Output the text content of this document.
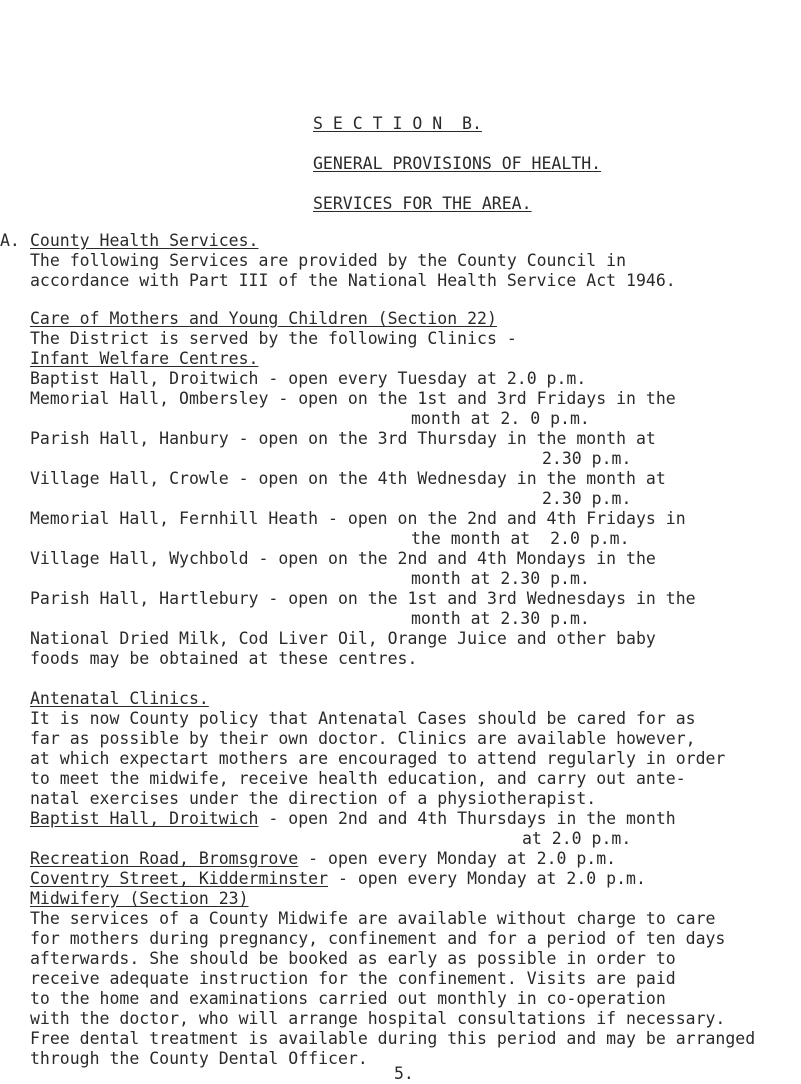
S E C T I O N  B.
GENERAL PROVISIONS OF HEALTH.
SERVICES FOR THE AREA.
A. County Health Services.
The following Services are provided by the County Council in
accordance with Part III of the National Health Service Act 1946.
Care of Mothers and Young Children (Section 22)
The District is served by the following Clinics -
Infant Welfare Centres.
Baptist Hall, Droitwich - open every Tuesday at 2.0 p.m.
Memorial Hall, Ombersley - open on the 1st and 3rd Fridays in the
month at 2. 0 p.m.
Parish Hall, Hanbury - open on the 3rd Thursday in the month at
2.30 p.m.
Village Hall, Crowle - open on the 4th Wednesday in the month at
2.30 p.m.
Memorial Hall, Fernhill Heath - open on the 2nd and 4th Fridays in
the month at  2.0 p.m.
Village Hall, Wychbold - open on the 2nd and 4th Mondays in the
month at 2.30 p.m.
Parish Hall, Hartlebury - open on the 1st and 3rd Wednesdays in the
month at 2.30 p.m.
National Dried Milk, Cod Liver Oil, Orange Juice and other baby
foods may be obtained at these centres.
Antenatal Clinics.
It is now County policy that Antenatal Cases should be cared for as
far as possible by their own doctor. Clinics are available however,
at which expectart mothers are encouraged to attend regularly in order
to meet the midwife, receive health education, and carry out ante-
natal exercises under the direction of a physiotherapist.
Baptist Hall, Droitwich - open 2nd and 4th Thursdays in the month
at 2.0 p.m.
Recreation Road, Bromsgrove - open every Monday at 2.0 p.m.
Coventry Street, Kidderminster - open every Monday at 2.0 p.m.
Midwifery (Section 23)
The services of a County Midwife are available without charge to care
for mothers during pregnancy, confinement and for a period of ten days
afterwards. She should be booked as early as possible in order to
receive adequate instruction for the confinement. Visits are paid
to the home and examinations carried out monthly in co-operation
with the doctor, who will arrange hospital consultations if necessary.
Free dental treatment is available during this period and may be arranged
through the County Dental Officer.
5.
